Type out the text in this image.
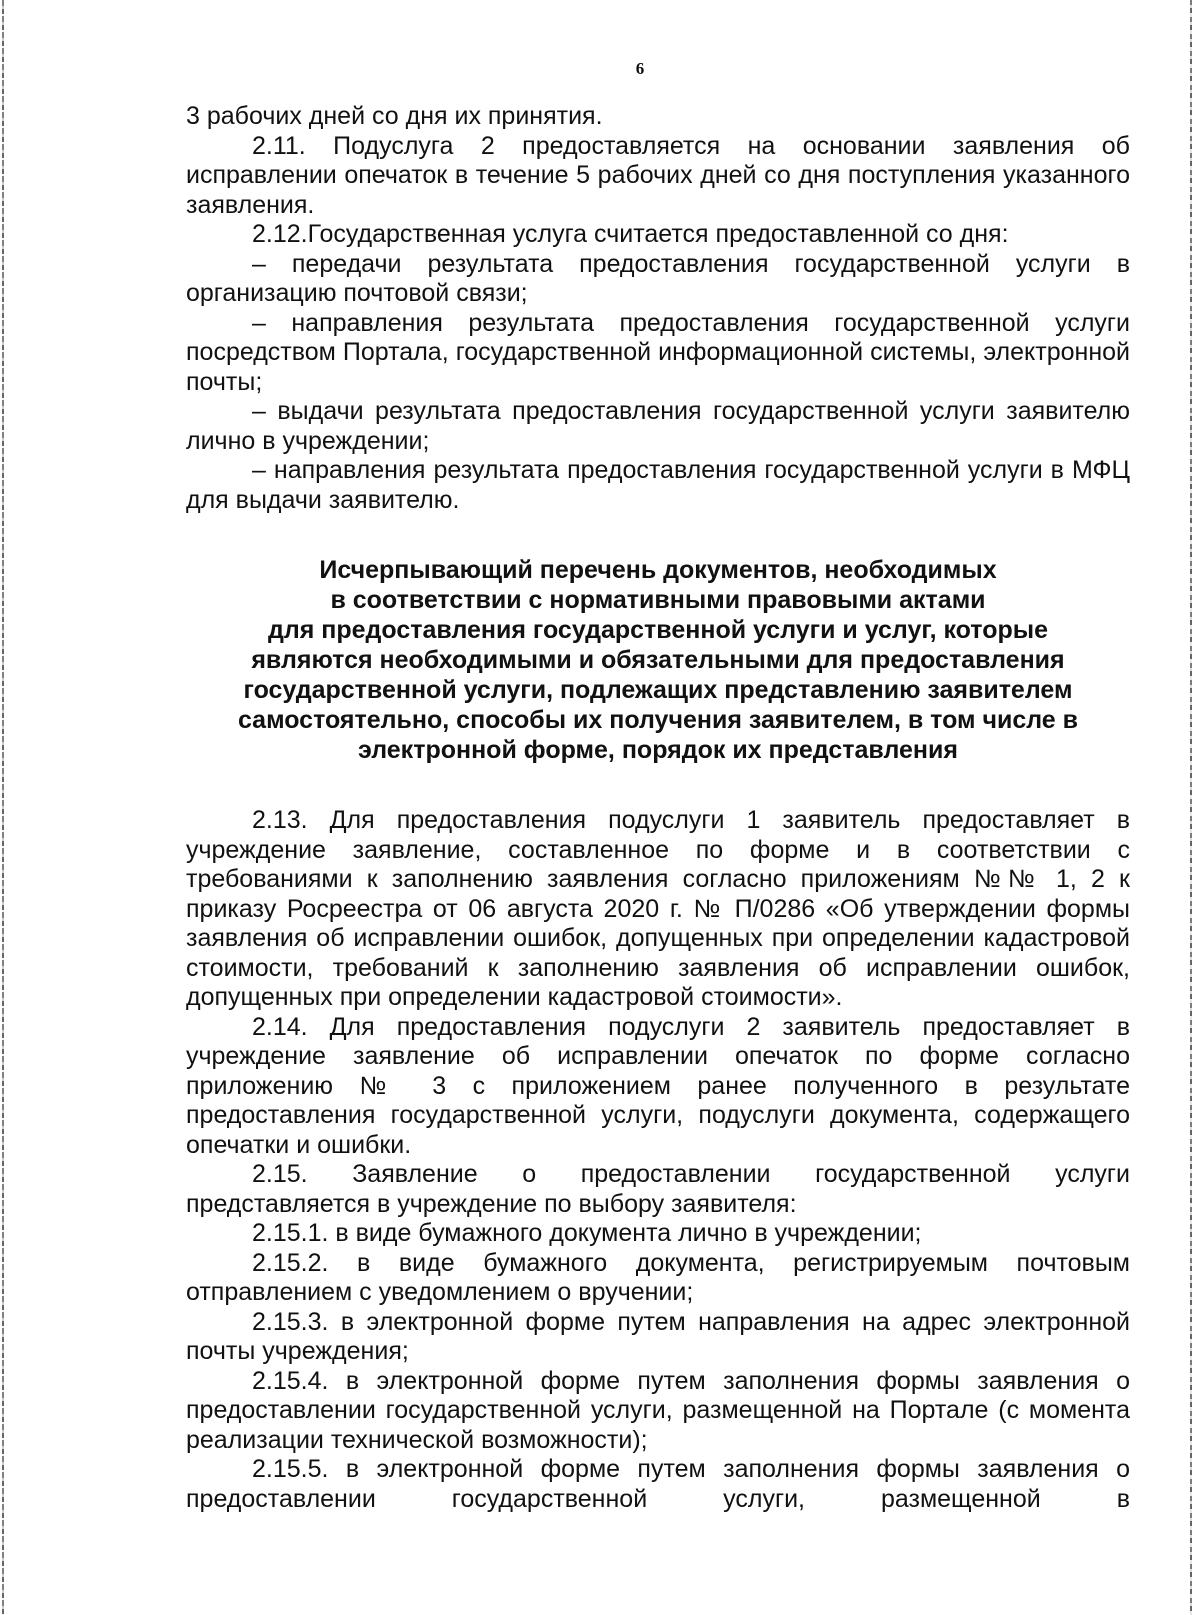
6

3 рабочих дней со дня их принятия.

2.11. Подуслуга 2 предоставляется на основании заявления об исправлении опечаток в течение 5 рабочих дней со дня поступления указанного заявления.

2.12.Государственная услуга считается предоставленной со дня:

– передачи результата предоставления государственной услуги в организацию почтовой связи;

– направления результата предоставления государственной услуги посредством Портала, государственной информационной системы, электронной почты;

– выдачи результата предоставления государственной услуги заявителю лично в учреждении;

– направления результата предоставления государственной услуги в МФЦ для выдачи заявителю.

Исчерпывающий перечень документов, необходимых
в соответствии с нормативными правовыми актами
для предоставления государственной услуги и услуг, которые
являются необходимыми и обязательными для предоставления
государственной услуги, подлежащих представлению заявителем
самостоятельно, способы их получения заявителем, в том числе в
электронной форме, порядок их представления

2.13. Для предоставления подуслуги 1 заявитель предоставляет в учреждение заявление, составленное по форме и в соответствии с требованиями к заполнению заявления согласно приложениям №№ 1, 2 к приказу Росреестра от 06 августа 2020 г. № П/0286 «Об утверждении формы заявления об исправлении ошибок, допущенных при определении кадастровой стоимости, требований к заполнению заявления об исправлении ошибок, допущенных при определении кадастровой стоимости».

2.14. Для предоставления подуслуги 2 заявитель предоставляет в учреждение заявление об исправлении опечаток по форме согласно приложению № 3 с приложением ранее полученного в результате предоставления государственной услуги, подуслуги документа, содержащего опечатки и ошибки.

2.15. Заявление о предоставлении государственной услуги представляется в учреждение по выбору заявителя:

2.15.1. в виде бумажного документа лично в учреждении;

2.15.2. в виде бумажного документа, регистрируемым почтовым отправлением с уведомлением о вручении;

2.15.3. в электронной форме путем направления на адрес электронной почты учреждения;

2.15.4. в электронной форме путем заполнения формы заявления о предоставлении государственной услуги, размещенной на Портале (с момента реализации технической возможности);

2.15.5. в электронной форме путем заполнения формы заявления о предоставлении государственной услуги, размещенной в
